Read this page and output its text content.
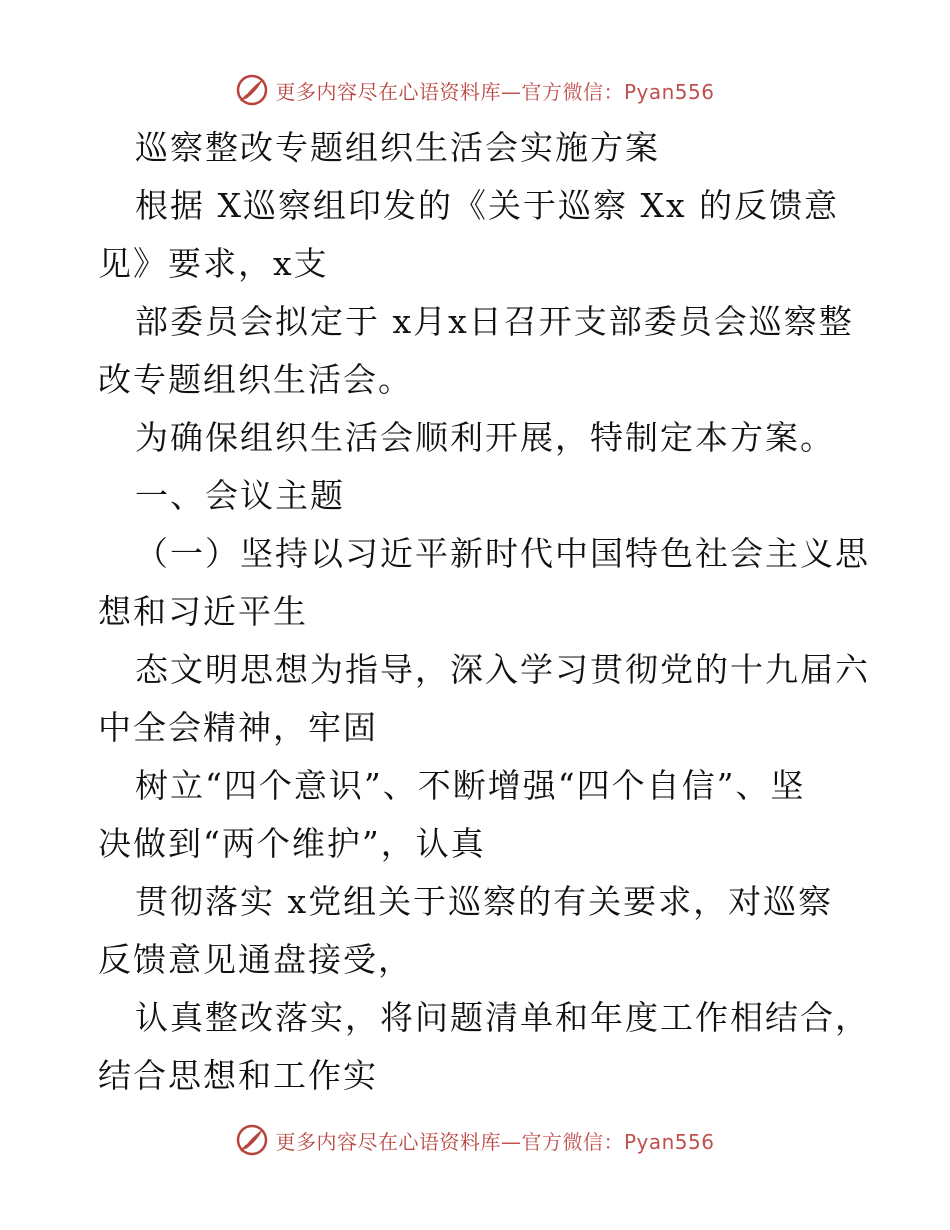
更多内容尽在心语资料库—官方微信：Pyan556
巡察整改专题组织生活会实施方案
根据 X巡察组印发的《关于巡察 Xx 的反馈意
见》要求，x支
部委员会拟定于 x月x日召开支部委员会巡察整
改专题组织生活会。
为确保组织生活会顺利开展，特制定本方案。
一、会议主题
（一）坚持以习近平新时代中国特色社会主义思
想和习近平生
态文明思想为指导，深入学习贯彻党的十九届六
中全会精神，牢固
树立“四个意识”、不断增强“四个自信”、坚
决做到“两个维护”，认真
贯彻落实 x党组关于巡察的有关要求，对巡察
反馈意见通盘接受，
认真整改落实，将问题清单和年度工作相结合，
结合思想和工作实
更多内容尽在心语资料库—官方微信：Pyan556
